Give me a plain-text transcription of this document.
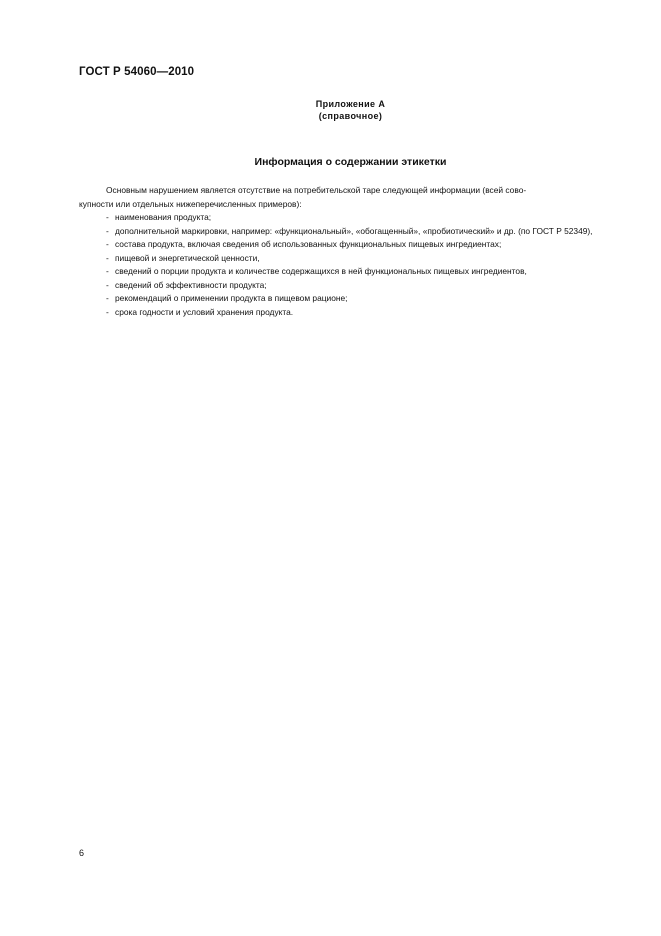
ГОСТ Р 54060—2010
Приложение А
(справочное)
Информация о содержании этикетки

Основным нарушением является отсутствие на потребительской таре следующей информации (всей сово-
купности или отдельных нижеперечисленных примеров):

- наименования продукта;

- дополнительной маркировки, например: «функциональный», «обогащенный», «пробиотический» и др. (по ГОСТ Р 52349),

- состава продукта, включая сведения об использованных функциональных пищевых ингредиентах;

- пищевой и энергетической ценности,

- сведений о порции продукта и количестве содержащихся в ней функциональных пищевых ингредиентов,

- сведений об эффективности продукта;

- рекомендаций о применении продукта в пищевом рационе;

- срока годности и условий хранения продукта.

6
